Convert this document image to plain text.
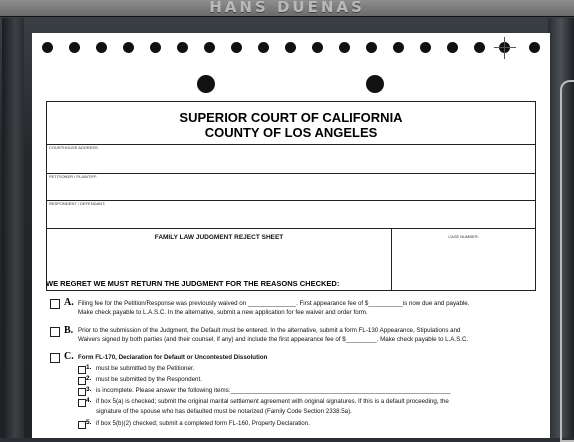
HANS DUENAS
SUPERIOR COURT OF CALIFORNIA
COUNTY OF LOS ANGELES
COURTHOUSE ADDRESS:
PETITIONER / PLAINTIFF:
RESPONDENT / DEFENDANT:
FAMILY LAW JUDGMENT REJECT SHEET	CASE NUMBER:
WE REGRET WE MUST RETURN THE JUDGMENT FOR THE REASONS CHECKED:
A. Filing fee for the Petition/Response was previously waived on ______________. First appearance fee of $__________is now due and payable.
Make check payable to L.A.S.C. In the alternative, submit a new application for fee waiver and order form.
B. Prior to the submission of the Judgment, the Default must be entered. In the alternative, submit a form FL-130 Appearance, Stipulations and
Waivers signed by both parties (and their counsel, if any) and include the first appearance fee of $_________. Make check payable to L.A.S.C.
C. Form FL-170, Declaration for Default or Uncontested Dissolution
1. must be submitted by the Petitioner.
2. must be submitted by the Respondent.
3. is incomplete. Please answer the following items:________________________________________________________________
4. if box 5(a) is checked; submit the original marital settlement agreement with original signatures. If this is a default proceeding, the
signature of the spouse who has defaulted must be notarized (Family Code Section 2338.5a).
5. if box 5(b)(2) checked; submit a completed form FL-160, Property Declaration.
